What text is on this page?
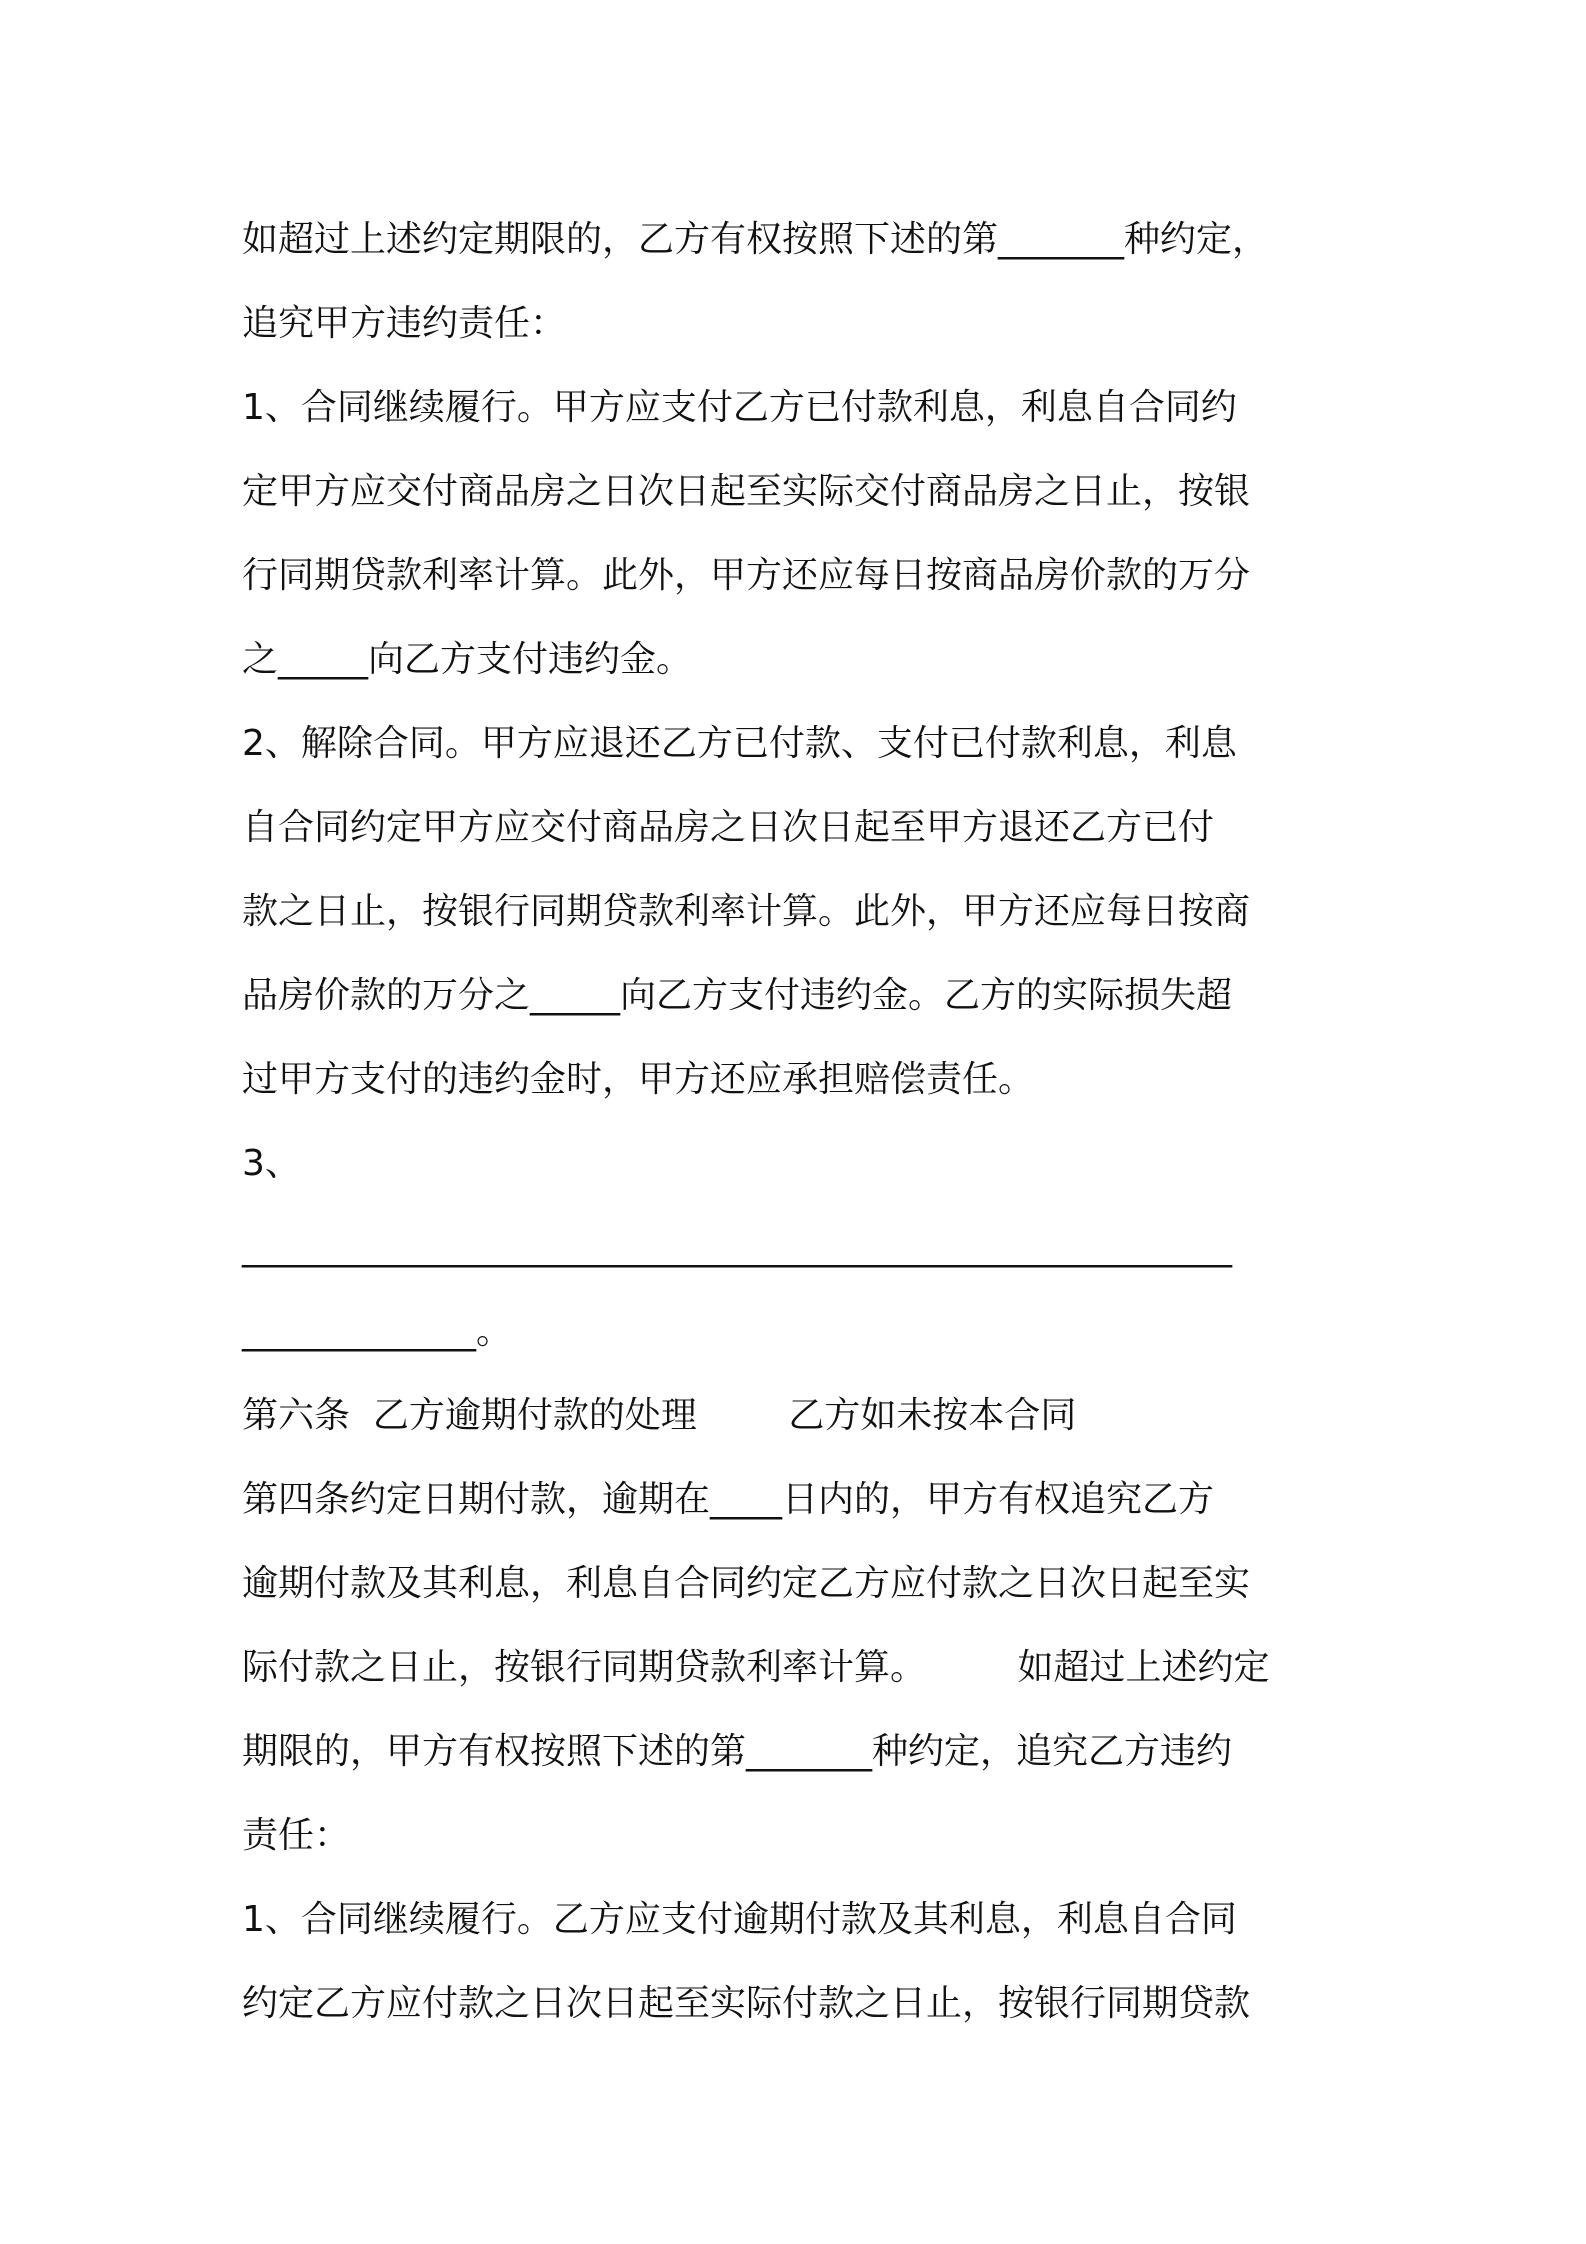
如超过上述约定期限的，乙方有权按照下述的第_______种约定，
追究甲方违约责任：
1、合同继续履行。甲方应支付乙方已付款利息，利息自合同约
定甲方应交付商品房之日次日起至实际交付商品房之日止，按银
行同期贷款利率计算。此外，甲方还应每日按商品房价款的万分
之_____向乙方支付违约金。
2、解除合同。甲方应退还乙方已付款、支付已付款利息，利息
自合同约定甲方应交付商品房之日次日起至甲方退还乙方已付
款之日止，按银行同期贷款利率计算。此外，甲方还应每日按商
品房价款的万分之_____向乙方支付违约金。乙方的实际损失超
过甲方支付的违约金时，甲方还应承担赔偿责任。
3、
_______________________________________________________
_____________。
第六条  乙方逾期付款的处理        乙方如未按本合同
第四条约定日期付款，逾期在____日内的，甲方有权追究乙方
逾期付款及其利息，利息自合同约定乙方应付款之日次日起至实
际付款之日止，按银行同期贷款利率计算。        如超过上述约定
期限的，甲方有权按照下述的第_______种约定，追究乙方违约
责任：
1、合同继续履行。乙方应支付逾期付款及其利息，利息自合同
约定乙方应付款之日次日起至实际付款之日止，按银行同期贷款
